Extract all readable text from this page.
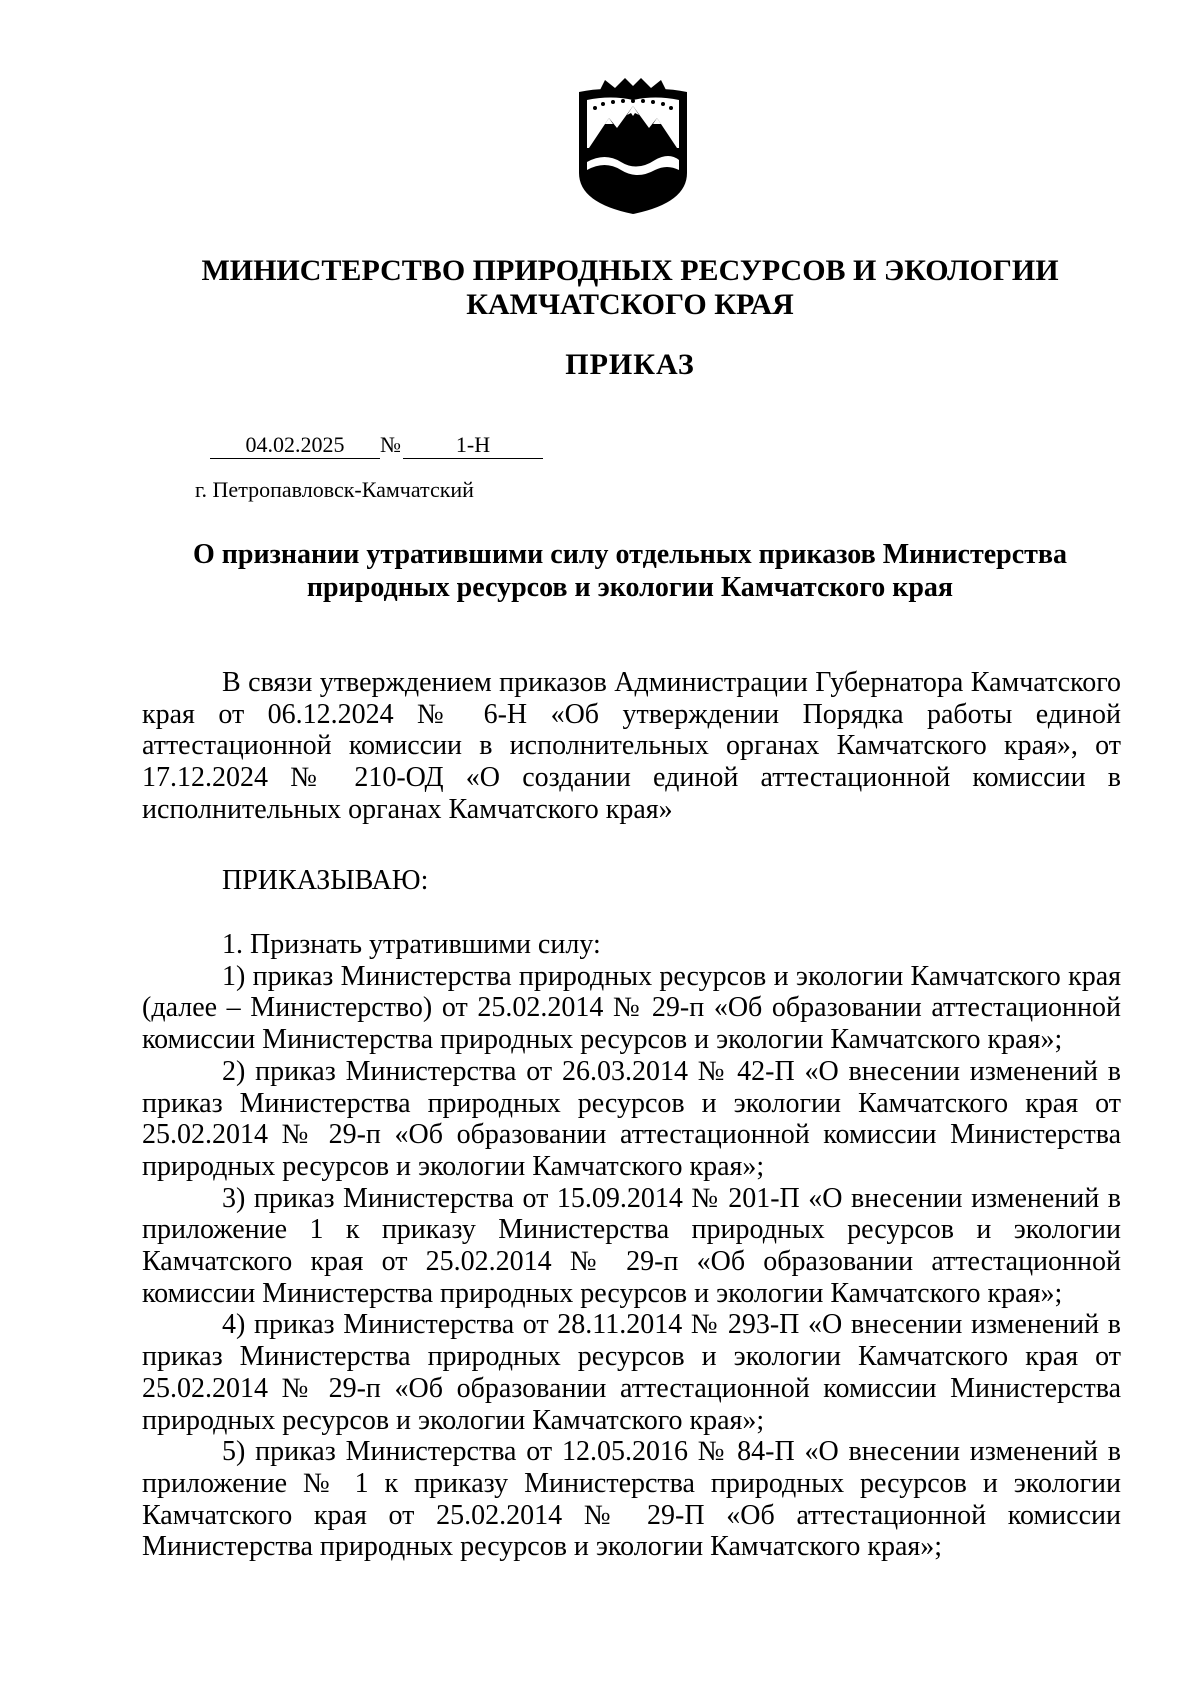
МИНИСТЕРСТВО ПРИРОДНЫХ РЕСУРСОВ И ЭКОЛОГИИ
КАМЧАТСКОГО КРАЯ
ПРИКАЗ
04.02.2025 № 1-Н
г. Петропавловск-Камчатский
О признании утратившими силу отдельных приказов Министерства
природных ресурсов и экологии Камчатского края

В связи утверждением приказов Администрации Губернатора Камчатского края от 06.12.2024 № 6-Н «Об утверждении Порядка работы единой аттестационной комиссии в исполнительных органах Камчатского края», от 17.12.2024 № 210-ОД «О создании единой аттестационной комиссии в исполнительных органах Камчатского края»

ПРИКАЗЫВАЮ:

1. Признать утратившими силу:

1) приказ Министерства природных ресурсов и экологии Камчатского края (далее – Министерство) от 25.02.2014 № 29-п «Об образовании аттестационной комиссии Министерства природных ресурсов и экологии Камчатского края»;

2) приказ Министерства от 26.03.2014 № 42-П «О внесении изменений в приказ Министерства природных ресурсов и экологии Камчатского края от 25.02.2014 № 29-п «Об образовании аттестационной комиссии Министерства природных ресурсов и экологии Камчатского края»;

3) приказ Министерства от 15.09.2014 № 201-П «О внесении изменений в приложение 1 к приказу Министерства природных ресурсов и экологии Камчатского края от 25.02.2014 № 29-п «Об образовании аттестационной комиссии Министерства природных ресурсов и экологии Камчатского края»;

4) приказ Министерства от 28.11.2014 № 293-П «О внесении изменений в приказ Министерства природных ресурсов и экологии Камчатского края от 25.02.2014 № 29-п «Об образовании аттестационной комиссии Министерства природных ресурсов и экологии Камчатского края»;

5) приказ Министерства от 12.05.2016 № 84-П «О внесении изменений в приложение № 1 к приказу Министерства природных ресурсов и экологии Камчатского края от 25.02.2014 № 29-П «Об аттестационной комиссии Министерства природных ресурсов и экологии Камчатского края»;
